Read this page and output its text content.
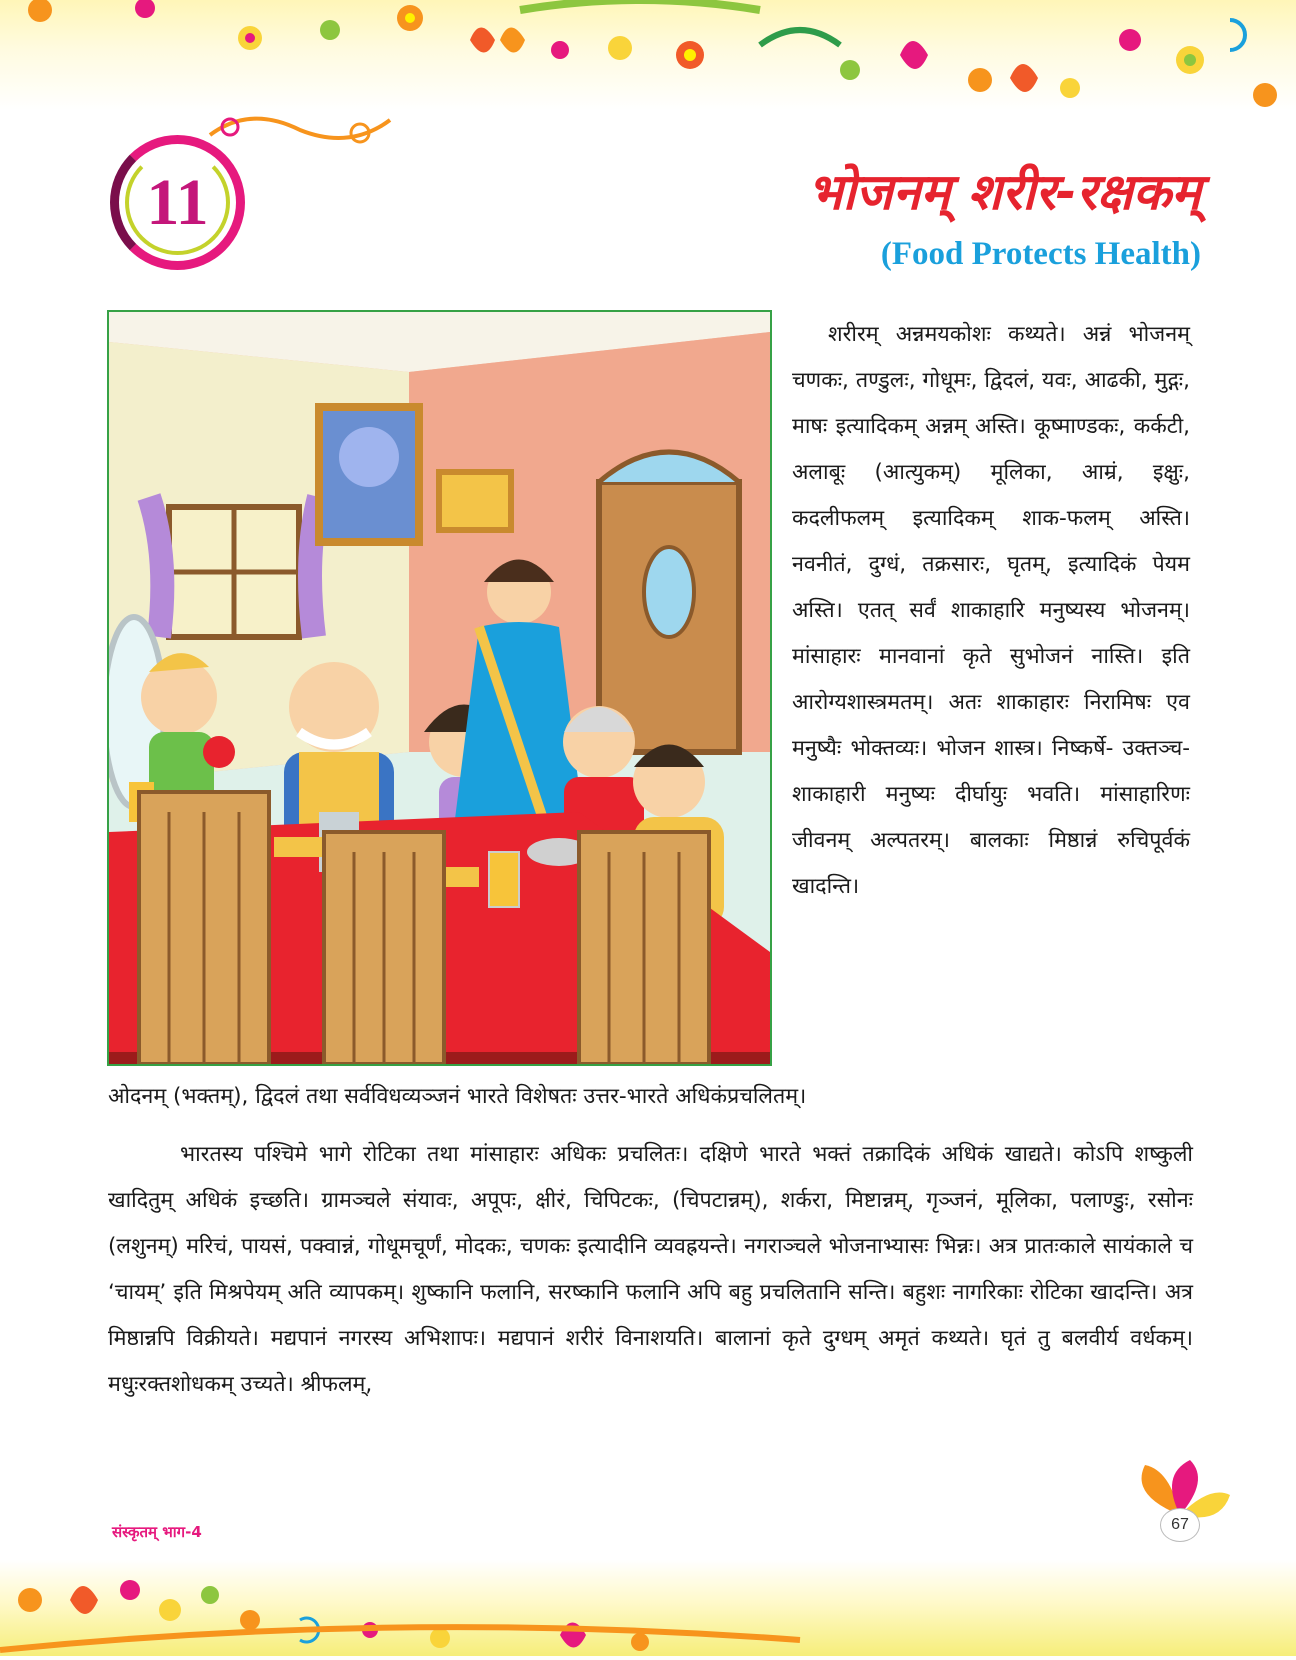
11	भोजनम् शरीर-रक्षकम्
(Food Protects Health)

शरीरम् अन्नमयकोशः कथ्यते। अन्नं भोजनम् चणकः, तण्डुलः, गोधूमः, द्विदलं, यवः, आढकी, मुद्गः, माषः इत्यादिकम् अन्नम् अस्ति। कूष्माण्डकः, कर्कटी, अलाबूः (आत्युकम्) मूलिका, आम्रं, इक्षुः, कदलीफलम् इत्यादिकम् शाक-फलम् अस्ति। नवनीतं, दुग्धं, तक्रसारः, घृतम्, इत्यादिकं पेयम अस्ति। एतत् सर्वं शाकाहारि मनुष्यस्य भोजनम्। मांसाहारः मानवानां कृते सुभोजनं नास्ति। इति आरोग्यशास्त्रमतम्। अतः शाकाहारः निरामिषः एव मनुष्यैः भोक्तव्यः। भोजन शास्त्र। निष्कर्षे- उक्तञ्च-शाकाहारी मनुष्यः दीर्घायुः भवति। मांसाहारिणः जीवनम् अल्पतरम्। बालकाः मिष्ठान्नं रुचिपूर्वकं खादन्ति।

ओदनम् (भक्तम्), द्विदलं तथा सर्वविधव्यञ्जनं भारते विशेषतः उत्तर-भारते अधिकंप्रचलितम्।

भारतस्य पश्चिमे भागे रोटिका तथा मांसाहारः अधिकः प्रचलितः। दक्षिणे भारते भक्तं तक्रादिकं अधिकं खाद्यते। कोऽपि शष्कुली खादितुम् अधिकं इच्छति। ग्रामञ्चले संयावः, अपूपः, क्षीरं, चिपिटकः, (चिपटान्नम्), शर्करा, मिष्टान्नम्, गृञ्जनं, मूलिका, पलाण्डुः, रसोनः (लशुनम्) मरिचं, पायसं, पक्वान्नं, गोधूमचूर्णं, मोदकः, चणकः इत्यादीनि व्यवह्रयन्ते। नगराञ्चले भोजनाभ्यासः भिन्नः। अत्र प्रातःकाले सायंकाले च ‘चायम्’ इति मिश्रपेयम् अति व्यापकम्। शुष्कानि फलानि, सरष्कानि फलानि अपि बहु प्रचलितानि सन्ति। बहुशः नागरिकाः रोटिका खादन्ति। अत्र मिष्ठान्नपि विक्रीयते। मद्यपानं नगरस्य अभिशापः। मद्यपानं शरीरं विनाशयति। बालानां कृते दुग्धम् अमृतं कथ्यते। घृतं तु बलवीर्य वर्धकम्। मधुःरक्तशोधकम् उच्यते। श्रीफलम्,

संस्कृतम् भाग-4	67
